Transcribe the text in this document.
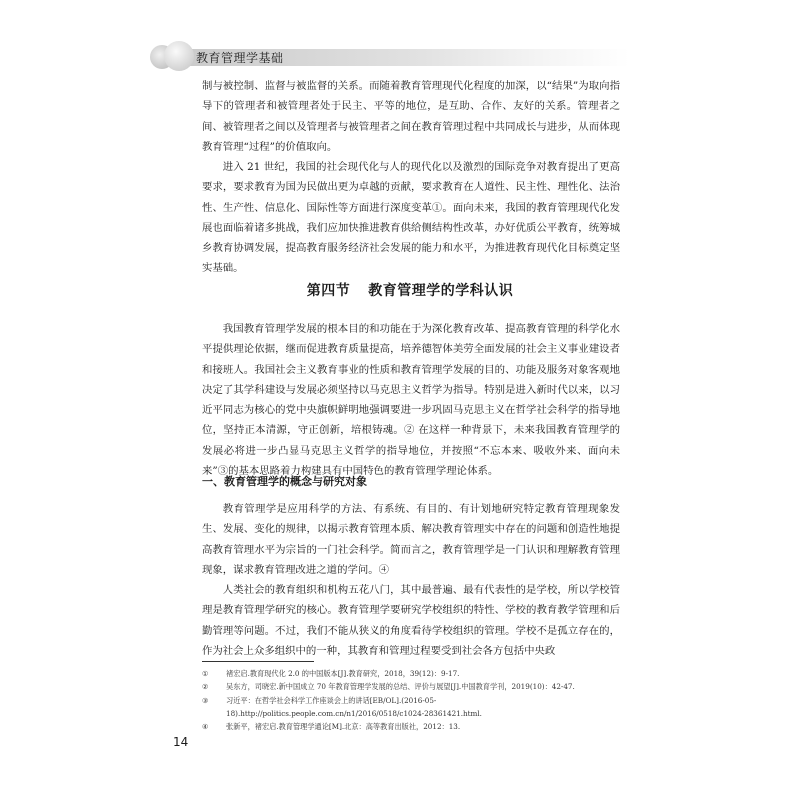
教育管理学基础

制与被控制、监督与被监督的关系。而随着教育管理现代化程度的加深，以“结果”为取向指导下的管理者和被管理者处于民主、平等的地位，是互助、合作、友好的关系。管理者之间、被管理者之间以及管理者与被管理者之间在教育管理过程中共同成长与进步，从而体现教育管理“过程”的价值取向。

进入 21 世纪，我国的社会现代化与人的现代化以及激烈的国际竞争对教育提出了更高要求，要求教育为国为民做出更为卓越的贡献，要求教育在人道性、民主性、理性化、法治性、生产性、信息化、国际性等方面进行深度变革①。面向未来，我国的教育管理现代化发展也面临着诸多挑战，我们应加快推进教育供给侧结构性改革，办好优质公平教育，统筹城乡教育协调发展，提高教育服务经济社会发展的能力和水平，为推进教育现代化目标奠定坚实基础。

第四节 教育管理学的学科认识

我国教育管理学发展的根本目的和功能在于为深化教育改革、提高教育管理的科学化水平提供理论依据，继而促进教育质量提高，培养德智体美劳全面发展的社会主义事业建设者和接班人。我国社会主义教育事业的性质和教育管理学发展的目的、功能及服务对象客观地决定了其学科建设与发展必须坚持以马克思主义哲学为指导。特别是进入新时代以来，以习近平同志为核心的党中央旗帜鲜明地强调要进一步巩固马克思主义在哲学社会科学的指导地位，坚持正本清源，守正创新，培根铸魂。② 在这样一种背景下，未来我国教育管理学的发展必将进一步凸显马克思主义哲学的指导地位，并按照“不忘本来、吸收外来、面向未来”③的基本思路着力构建具有中国特色的教育管理学理论体系。

一、教育管理学的概念与研究对象

教育管理学是应用科学的方法、有系统、有目的、有计划地研究特定教育管理现象发生、发展、变化的规律，以揭示教育管理本质、解决教育管理实中存在的问题和创造性地提高教育管理水平为宗旨的一门社会科学。简而言之，教育管理学是一门认识和理解教育管理现象，谋求教育管理改进之道的学问。④

人类社会的教育组织和机构五花八门，其中最普遍、最有代表性的是学校，所以学校管理是教育管理学研究的核心。教育管理学要研究学校组织的特性、学校的教育教学管理和后勤管理等问题。不过，我们不能从狭义的角度看待学校组织的管理。学校不是孤立存在的，作为社会上众多组织中的一种，其教育和管理过程要受到社会各方包括中央政

① 褚宏启.教育现代化 2.0 的中国版本[J].教育研究，2018，39(12)：9-17.
② 吴东方，司晓宏.新中国成立 70 年教育管理学发展的总结、评价与展望[J].中国教育学刊，2019(10)：42-47.
③ 习近平：在哲学社会科学工作座谈会上的讲话[EB/OL].(2016-05-18).http://politics.people.com.cn/n1/2016/0518/c1024-28361421.html.
④ 张新平，褚宏启.教育管理学通论[M].北京：高等教育出版社，2012：13.
14
